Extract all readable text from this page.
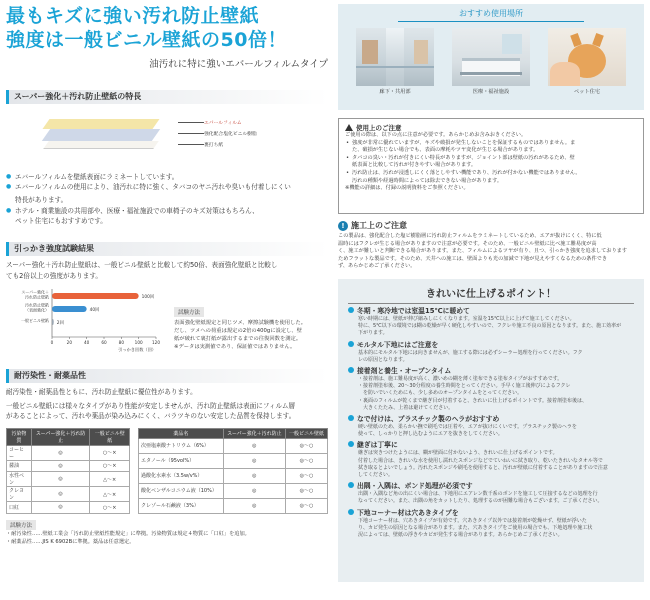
最もキズに強い汚れ防止壁紙
強度は一般ビニル壁紙の50倍！
油汚れに特に強いエバールフィルムタイプ
スーパー強化＋汚れ防止壁紙の特長
エバールフィルム
強化配合塩化ビニル樹脂
裏打ち紙
● エバールフィルムを壁紙表面にラミネートしています。
● エバールフィルムの使用により、油汚れに特に強く、タバコのヤニ汚れや臭いも付着しにくい
特長があります。
● ホテル・商業施設の共用部や、医療・福祉施設での車椅子のキズ対策はもちろん、
ペット住宅にもおすすめです。
引っかき強度試験結果
スーパー強化＋汚れ防止壁紙は、一般ビニル壁紙と比較して約50倍、表面強化壁紙と比較し
ても2倍以上の強度があります。
0	20	40	60	80	100 120
引っかき回数（回）
100回
スーパー強化＋
汚れ防止壁紙
40回
汚れ防止壁紙
（表面強化）
2回
一般ビニル壁紙
試験方法
表面強化壁紙規定と同じツメ、摩擦試験機を使用した。
だし、ツメへの荷重は規定の2倍の400gに設定し、壁
紙が破れて裏打紙が露出するまでの往復回数を測定。
※データは実測値であり、保証値ではありません。
耐汚染性・耐薬品性
耐汚染性・耐薬品性ともに、汚れ防止壁紙に優位性があります。
一般ビニル壁紙には様々なタイプがあり性能が安定しませんが、汚れ防止壁紙は表面にフィルム層
があることによって、汚れや薬品が染み込みにくく、バラツキのない安定した品質を保持します。
汚染物質	スーパー強化＋汚れ防止	一般ビニル壁紙
コーヒー	◎	○〜×
醤油	◎	○〜×
水性ペン	◎	△〜×
クレヨン	◎	△〜×
口紅	◎	○〜×
薬品名	スーパー強化＋汚れ防止	一般ビニル壁紙
次亜塩素酸ナトリウム（6%）	◎	◎〜○
エタノール（95vol%）	◎	◎〜○
過酸化水素水（3.5w/v%）	◎	◎〜○
酸化ベンザルコニウム液（10%）	◎	◎〜○
クレゾール石鹸液（3%）	◎	◎〜○
試験方法
・耐汚染性……壁紙工業会「汚れ防止壁紙性能規定」に準拠。汚染物質は規定４物質に「口紅」を追加。
・耐薬品性……JIS K 6902Bに準拠。薬品は任意選定。
おすすめ使用場所
廊下・共用部	医療・福祉施設	ペット住宅
使用上のご注意

ご使用の際は、以下の点に注意が必要です。あらかじめお含みおきください。

• 強度が非常に優れていますが、キズや破損が発生しないことを保証するものではありません。ま

た、破損が生じない場合でも、表面の摩耗やツヤ変化が生じる場合があります。

• タバコの臭い・汚れが付きにくい特長がありますが、ジョイント部は壁紙の汚れがあるため、壁

紙表面と比較して汚れが付きやすい場合があります。

• 汚れ防止は、汚れが浸透しにくく落としやすい機能であり、汚れが付かない機能ではありません。

汚れの種類や経過時間によっては除去できない場合があります。

※機能の詳細は、付録の説明資料をご参照ください。

! 施工上のご注意
この製品は、強化配合した塩ビ樹脂層に汚れ防止フィルムをラミネートしているため、エアが抜けにくく、特に低
温時にはフクレが生じる場合がありますので注意が必要です。そのため、一般ビニル壁紙に比べ施工難易度が高
く、施工が難しいと判断できる場合があります。また、フィルムによるツヤが有り、且つ、引っかき強度を追求しております
ためフラットな製品です。そのため、天井への施工は、壁面よりも光の加減で下地が見えやすくなるための条件でき
ず、あらかじめご了承ください。
きれいに仕上げるポイント！
冬期・寒冷地では室温15℃に暖めて
寒い時期には、壁紙が伸び縮みしにくくなります。室温を15℃以上に上げて施工してください。
特に、5℃以下の環境では糊の乾燥が早く硬化しやすいので、フクレや施工不良の原因となります。また、施工効率が
下がります。
モルタル下地にはご注意を
基本的にモルタル下地には向きませんが、施工する際には必ずシーラー処理を行ってください。フク
レの原因となります。
接着剤と養生・オープンタイム
・接着剤は、施工難易度が高く、濃いめの糊を薄く塗布できる塗布タイプがおすすめです。
・接着剤塗布後、20〜30分程度の養生時間をとってください。手早く施工後伸びによるフクレ
　を防いでいくためにも、少し多めのオープンタイムをとってください。
・裏面のフィルムが乾くまで継ぎ目が付着すると、きれいに仕上げるポイントです。接着剤塗布後は、
　大きくたたみ、上着は避けてください。
なで付けは、プラスチック製のヘラがおすすめ
硬い壁紙のため、柔らかい撫で刷毛では圧着や、エアが抜けにくいです。プラスチック製のヘラを
使って、しっかりと押し込むようにエアを抜きをしてください。
継ぎは丁寧に
継ぎは突きつけたようには、糊が壁面に付かないよう、きれいに仕上げるポイントです。
付着した場合は、きれいな水を使用し濡れたスポンジなどでていねいに拭き取り、乾いたきれいなタオル等で
拭き取るとよいでしょう。汚れたスポンジや刷毛を使用すると、汚れが壁紙に付着することがありますので注意
してください。
出隅・入隅は、ボンド処理が必須です
出隅・入隅など角の出にくい場合は、下地用にエアレン数千系のボンドを施工して圧接するなどの処理を行
なってください。また、出隅の角をカットしたり、処理するのが困難な場合もございます。ご了承ください。
下地コーナー材は穴あきタイプを
下地コーナー材は、穴あきタイプが有効です。穴あきタイプ以外では接着剤が乾燥せず、壁紙が浮いた
り、カビ発生の原因となる場合があります。また、穴あきタイプをご使用の場合でも、下地処理や施工状
況によっては、壁紙の浮きやカビが発生する場合があります。あらかじめご了承ください。
